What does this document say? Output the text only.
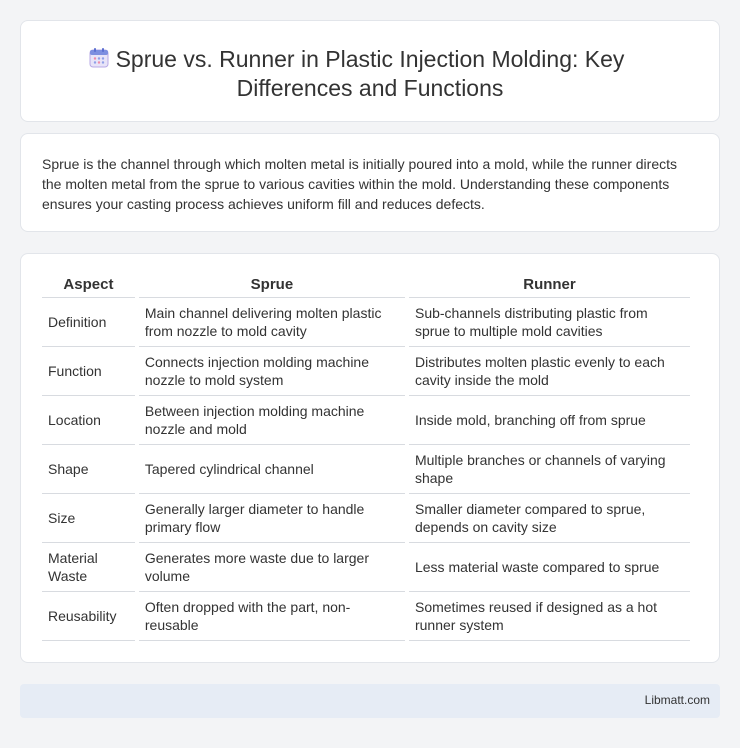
Sprue vs. Runner in Plastic Injection Molding: Key
Differences and Functions

Sprue is the channel through which molten metal is initially poured into a mold, while the runner directs the molten metal from the sprue to various cavities within the mold. Understanding these components ensures your casting process achieves uniform fill and reduces defects.

Aspect	Sprue	Runner
Definition	Main channel delivering molten plastic from nozzle to mold cavity	Sub-channels distributing plastic from sprue to multiple mold cavities
Function	Connects injection molding machine nozzle to mold system	Distributes molten plastic evenly to each cavity inside the mold
Location	Between injection molding machine nozzle and mold	Inside mold, branching off from sprue
Shape	Tapered cylindrical channel	Multiple branches or channels of varying shape
Size	Generally larger diameter to handle primary flow	Smaller diameter compared to sprue, depends on cavity size
Material Waste	Generates more waste due to larger volume	Less material waste compared to sprue
Reusability	Often dropped with the part, non-reusable	Sometimes reused if designed as a hot runner system
Libmatt.com
